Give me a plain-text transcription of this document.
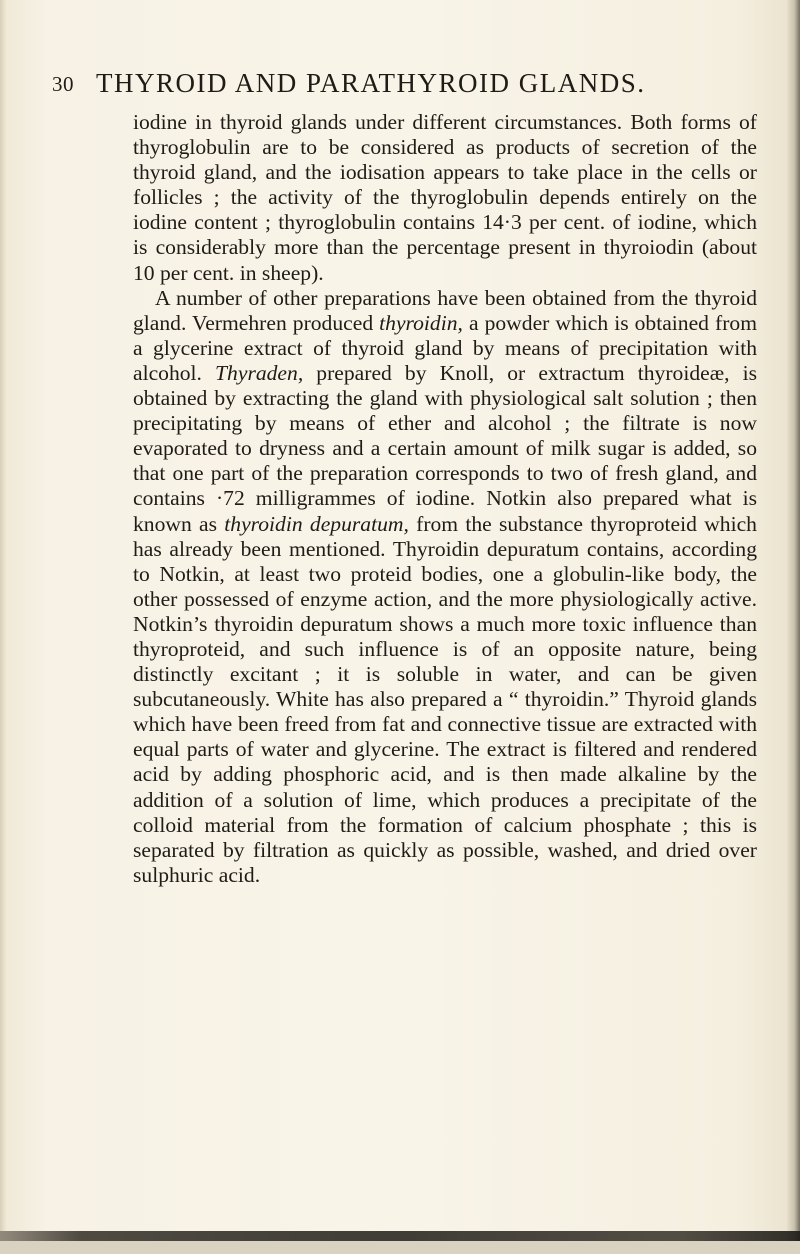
30 THYROID AND PARATHYROID GLANDS.

iodine in thyroid glands under different circumstances. Both forms of thyroglobulin are to be considered as products of secretion of the thyroid gland, and the iodisation appears to take place in the cells or follicles ; the activity of the thyroglobulin depends entirely on the iodine content ; thyroglobulin contains 14·3 per cent. of iodine, which is considerably more than the percentage present in thyroiodin (about 10 per cent. in sheep).

A number of other preparations have been obtained from the thyroid gland. Vermehren produced thyroidin, a powder which is obtained from a glycerine extract of thyroid gland by means of precipitation with alcohol. Thyraden, prepared by Knoll, or extractum thyroideæ, is obtained by extracting the gland with physiological salt solution ; then precipitating by means of ether and alcohol ; the filtrate is now evaporated to dryness and a certain amount of milk sugar is added, so that one part of the preparation corresponds to two of fresh gland, and contains ·72 milligrammes of iodine. Notkin also prepared what is known as thyroidin depuratum, from the substance thyroproteid which has already been mentioned. Thyroidin depuratum contains, according to Notkin, at least two proteid bodies, one a globulin-like body, the other possessed of enzyme action, and the more physiologically active. Notkin’s thyroidin depuratum shows a much more toxic influence than thyroproteid, and such influence is of an opposite nature, being distinctly excitant ; it is soluble in water, and can be given subcutaneously. White has also prepared a “ thyroidin.” Thyroid glands which have been freed from fat and connective tissue are extracted with equal parts of water and glycerine. The extract is filtered and rendered acid by adding phosphoric acid, and is then made alkaline by the addition of a solution of lime, which produces a precipitate of the colloid material from the formation of calcium phosphate ; this is separated by filtration as quickly as possible, washed, and dried over sulphuric acid.
